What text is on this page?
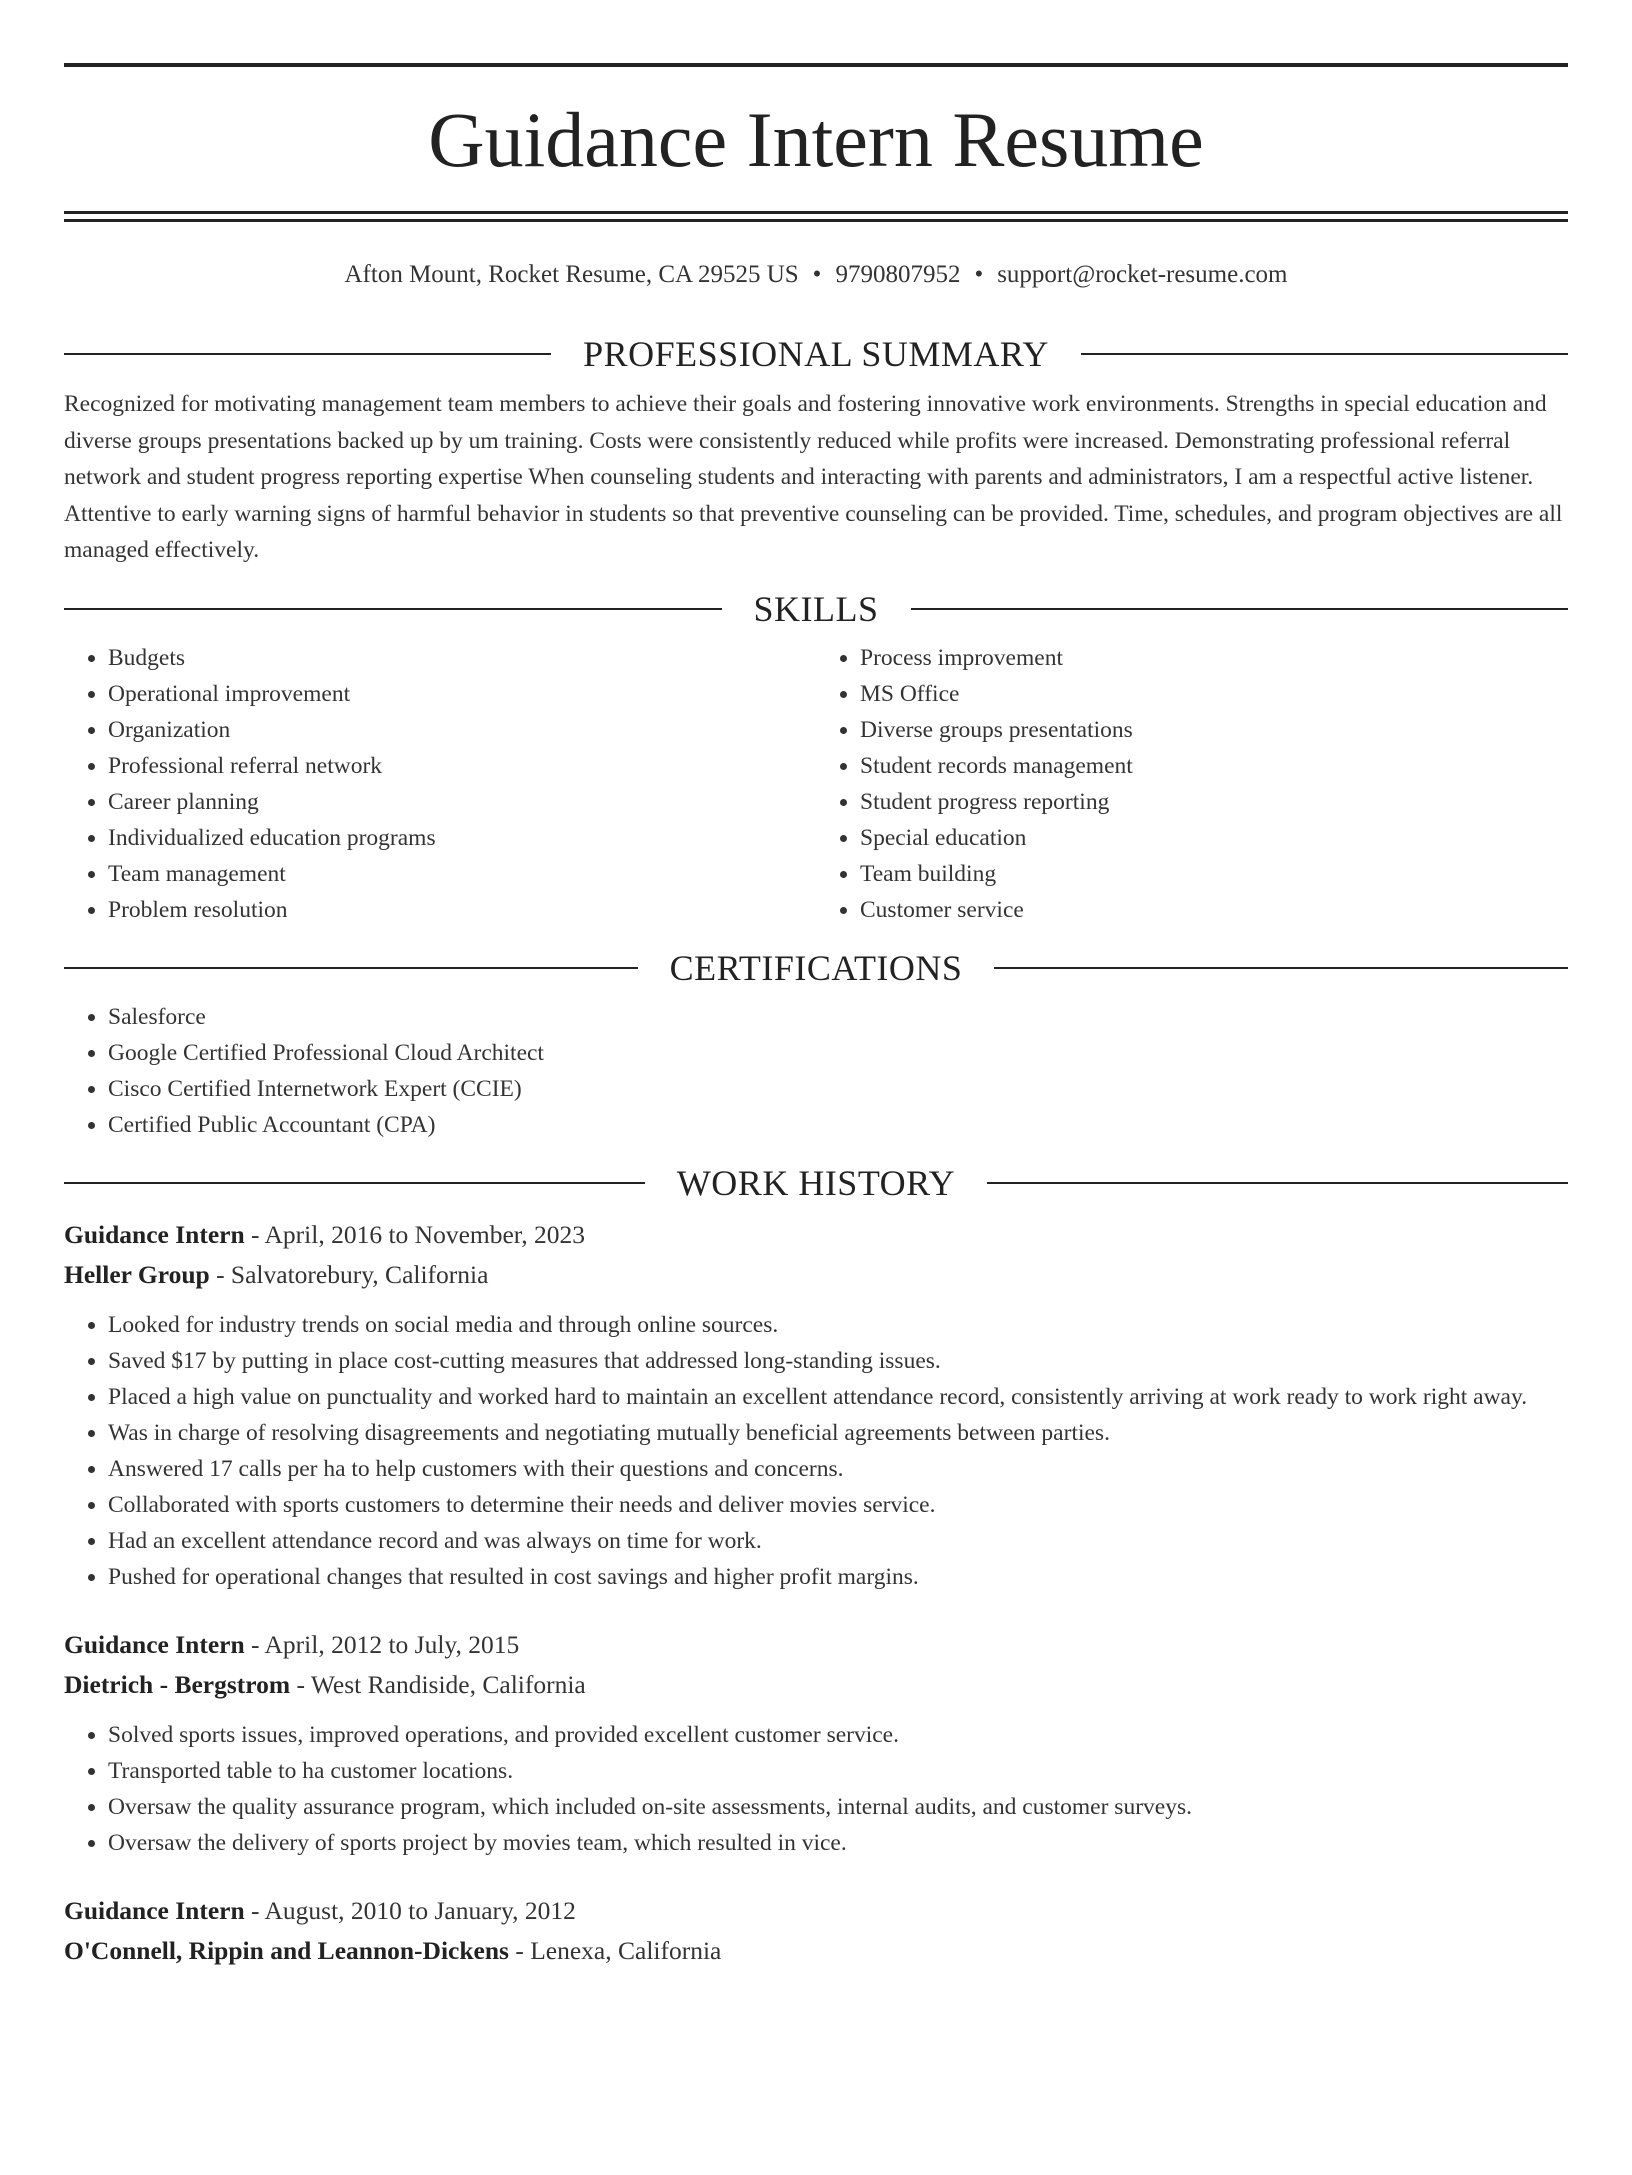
Guidance Intern Resume
Afton Mount, Rocket Resume, CA 29525 US • 9790807952 • support@rocket-resume.com
PROFESSIONAL SUMMARY

Recognized for motivating management team members to achieve their goals and fostering innovative work environments. Strengths in special education and diverse groups presentations backed up by um training. Costs were consistently reduced while profits were increased. Demonstrating professional referral network and student progress reporting expertise When counseling students and interacting with parents and administrators, I am a respectful active listener. Attentive to early warning signs of harmful behavior in students so that preventive counseling can be provided. Time, schedules, and program objectives are all managed effectively.

SKILLS
• Budgets
• Operational improvement
• Organization
• Professional referral network
• Career planning
• Individualized education programs
• Team management
• Problem resolution
• Process improvement
• MS Office
• Diverse groups presentations
• Student records management
• Student progress reporting
• Special education
• Team building
• Customer service
CERTIFICATIONS
• Salesforce
• Google Certified Professional Cloud Architect
• Cisco Certified Internetwork Expert (CCIE)
• Certified Public Accountant (CPA)
WORK HISTORY
Guidance Intern - April, 2016 to November, 2023
Heller Group - Salvatorebury, California
• Looked for industry trends on social media and through online sources.
• Saved $17 by putting in place cost-cutting measures that addressed long-standing issues.
• Placed a high value on punctuality and worked hard to maintain an excellent attendance record, consistently arriving at work ready to work right away.
• Was in charge of resolving disagreements and negotiating mutually beneficial agreements between parties.
• Answered 17 calls per ha to help customers with their questions and concerns.
• Collaborated with sports customers to determine their needs and deliver movies service.
• Had an excellent attendance record and was always on time for work.
• Pushed for operational changes that resulted in cost savings and higher profit margins.
Guidance Intern - April, 2012 to July, 2015
Dietrich - Bergstrom - West Randiside, California
• Solved sports issues, improved operations, and provided excellent customer service.
• Transported table to ha customer locations.
• Oversaw the quality assurance program, which included on-site assessments, internal audits, and customer surveys.
• Oversaw the delivery of sports project by movies team, which resulted in vice.
Guidance Intern - August, 2010 to January, 2012
O'Connell, Rippin and Leannon-Dickens - Lenexa, California
